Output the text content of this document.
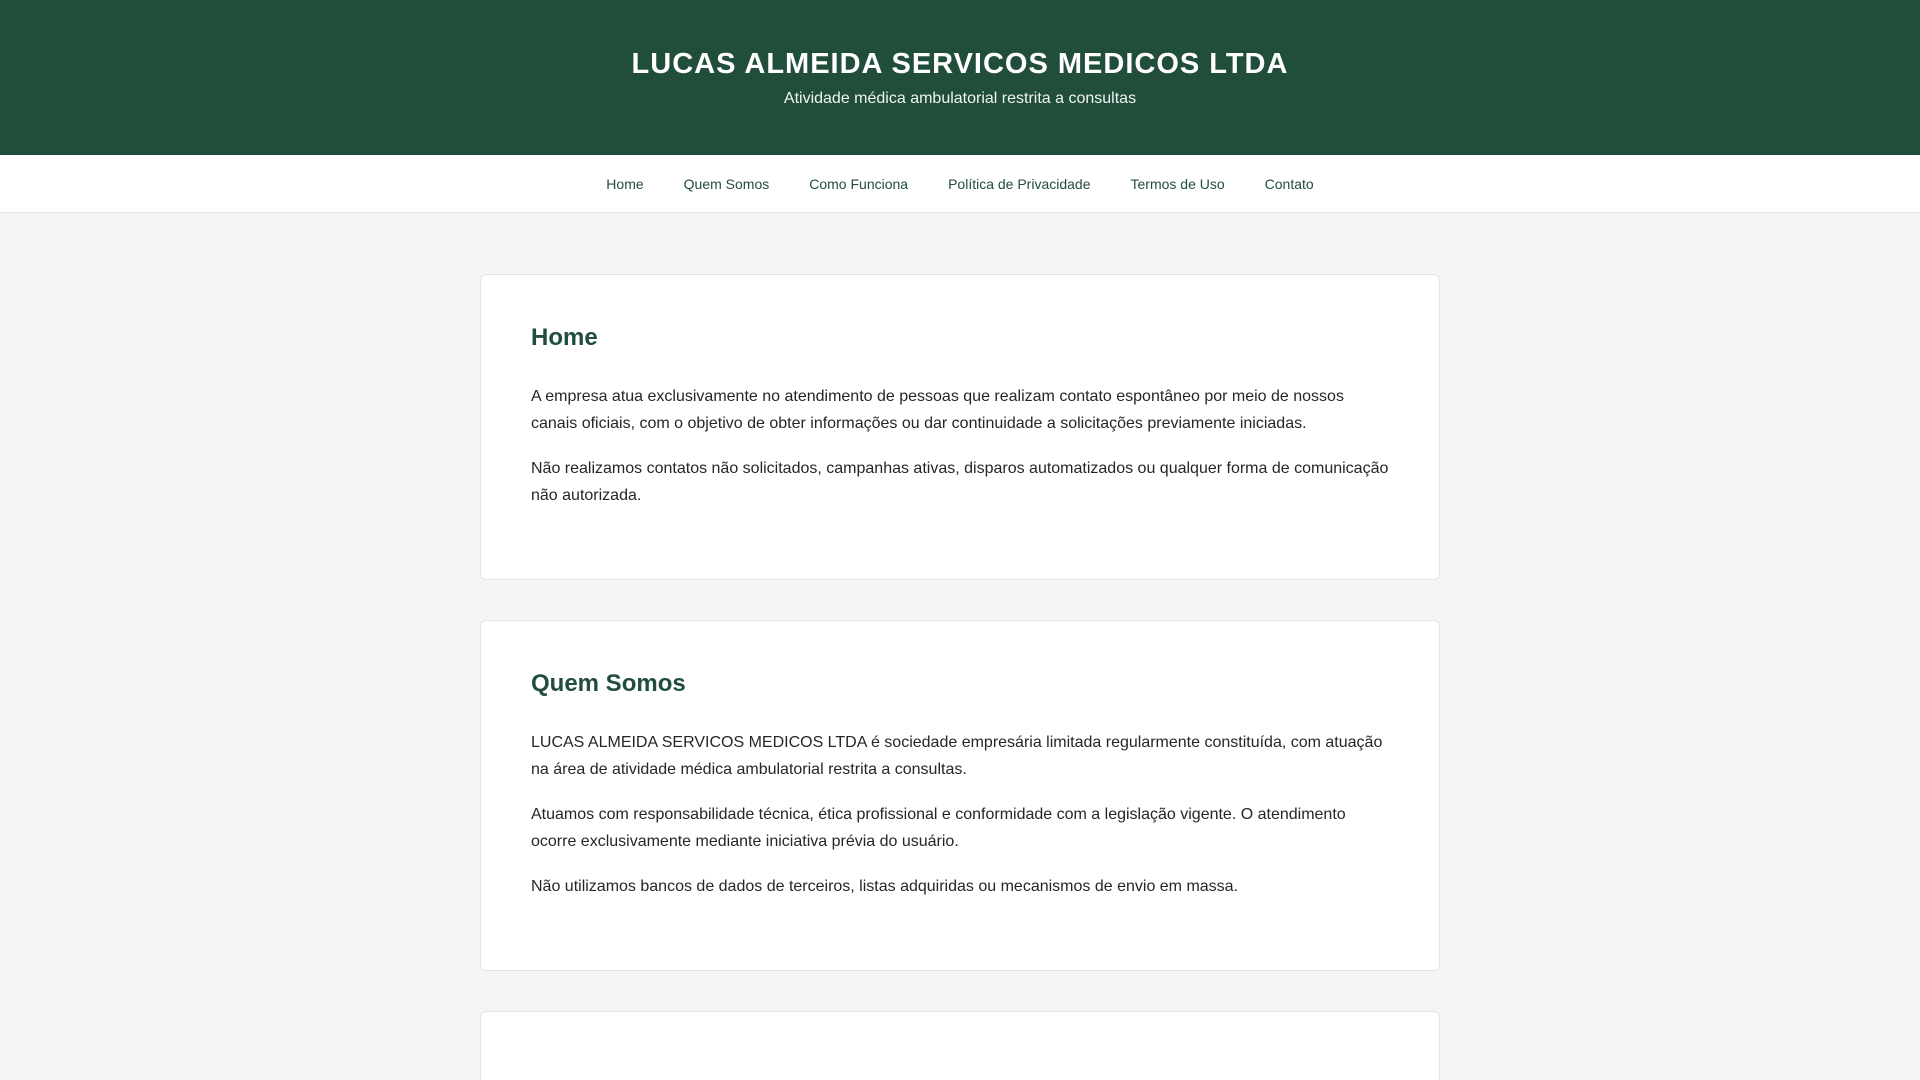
LUCAS ALMEIDA SERVICOS MEDICOS LTDA
Atividade médica ambulatorial restrita a consultas
Home	Quem Somos	Como Funciona	Política de Privacidade	Termos de Uso	Contato
Home

A empresa atua exclusivamente no atendimento de pessoas que realizam contato espontâneo por meio de nossos canais oficiais, com o objetivo de obter informações ou dar continuidade a solicitações previamente iniciadas.

Não realizamos contatos não solicitados, campanhas ativas, disparos automatizados ou qualquer forma de comunicação não autorizada.

Quem Somos

LUCAS ALMEIDA SERVICOS MEDICOS LTDA é sociedade empresária limitada regularmente constituída, com atuação na área de atividade médica ambulatorial restrita a consultas.

Atuamos com responsabilidade técnica, ética profissional e conformidade com a legislação vigente. O atendimento ocorre exclusivamente mediante iniciativa prévia do usuário.

Não utilizamos bancos de dados de terceiros, listas adquiridas ou mecanismos de envio em massa.
